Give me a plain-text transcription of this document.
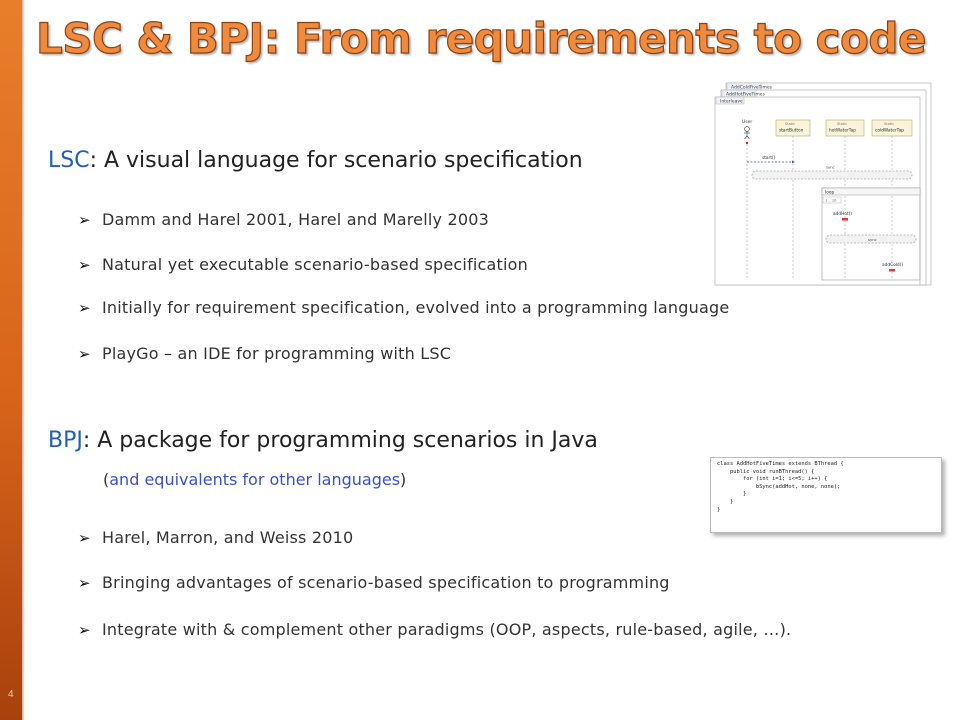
4
LSC & BPJ: From requirements to code
LSC: A visual language for scenario specification
➢ Damm and Harel 2001, Harel and Marelly 2003
➢ Natural yet executable scenario-based specification
➢ Initially for requirement specification, evolved into a programming language
➢ PlayGo – an IDE for programming with LSC
BPJ: A package for programming scenarios in Java
(and equivalents for other languages)
➢ Harel, Marron, and Weiss 2010
➢ Bringing advantages of scenario-based specification to programming
➢ Integrate with & complement other paradigms (OOP, aspects, rule-based, agile, …).
AddColdFiveTimes
AddHotFiveTimes
Interleave
User	Static
startButton
Static
hotWaterTap
Static
coldWaterTap
start()
sync
loop
1 .. 10
addHot()
sync
addCold()
class AddHotFiveTimes extends BThread {
public void runBThread() {
for (int i=1; i<=5; i++) {
bSync(addHot, none, none);
}
}
}
